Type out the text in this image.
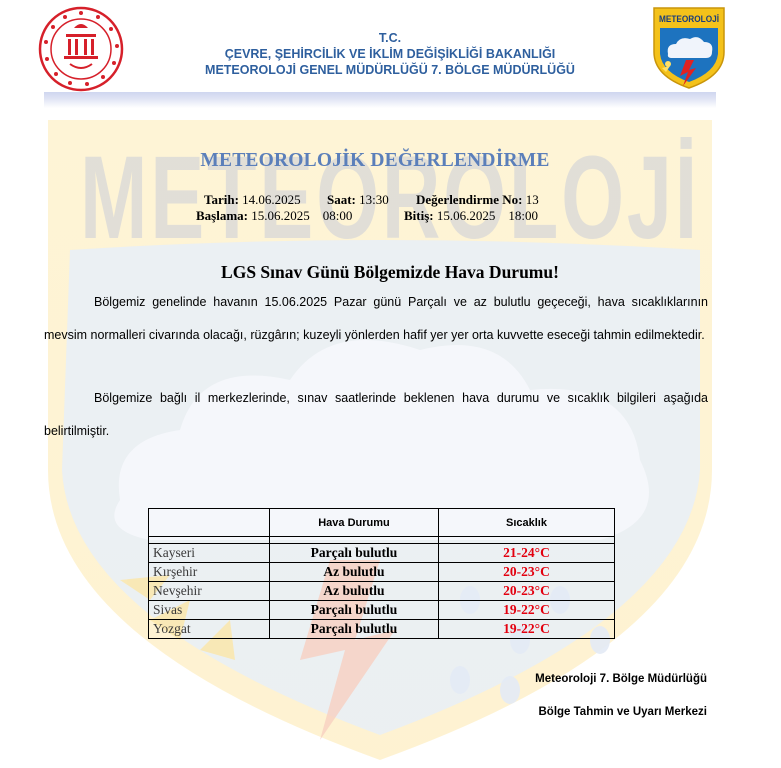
METEOROLOJİ
T.C.
ÇEVRE, ŞEHİRCİLİK VE İKLİM DEĞİŞİKLİĞİ BAKANLIĞI
METEOROLOJİ GENEL MÜDÜRLÜĞÜ 7. BÖLGE MÜDÜRLÜĞÜ
METEOROLOJİ
METEOROLOJİK DEĞERLENDİRME
Tarih: 14.06.2025 Saat: 13:30 Değerlendirme No: 13
Başlama: 15.06.2025    08:00	Bitiş: 15.06.2025    18:00
LGS Sınav Günü Bölgemizde Hava Durumu!
Bölgemiz genelinde havanın 15.06.2025 Pazar günü Parçalı ve az bulutlu geçeceği, hava sıcaklıklarının mevsim normalleri civarında olacağı, rüzgârın; kuzeyli yönlerden hafif yer yer orta kuvvette eseceği tahmin edilmektedir.
Bölgemize bağlı il merkezlerinde, sınav saatlerinde beklenen hava durumu ve sıcaklık bilgileri aşağıda belirtilmiştir.
	Hava Durumu	Sıcaklık

Kayseri	Parçalı bulutlu	21-24°C
Kırşehir	Az bulutlu	20-23°C
Nevşehir	Az bulutlu	20-23°C
Sivas	Parçalı bulutlu	19-22°C
Yozgat	Parçalı bulutlu	19-22°C
Meteoroloji 7. Bölge Müdürlüğü
Bölge Tahmin ve Uyarı Merkezi
